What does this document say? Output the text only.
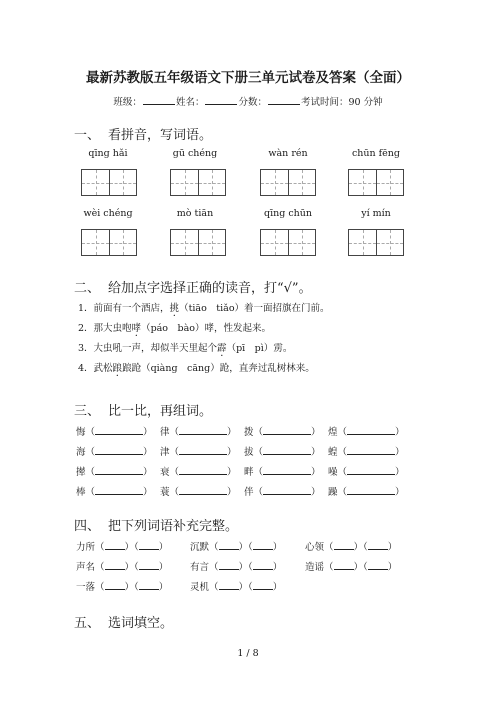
最新苏教版五年级语文下册三单元试卷及答案（全面）
班级：	姓名：	分数：	考试时间：90 分钟
一、 看拼音，写词语。
qīng hǎi	gū chéng	wàn rén	chūn fēng
wèi chéng	mò tiān	qīng chūn	yí mín
二、 给加点字选择正确的读音，打“√”。
1．前面有一个酒店，挑（tiāo　tiǎo）着一面招旗在门前。
2．那大虫咆哮（páo　bào）哮，性发起来。
3．大虫吼一声，却似半天里起个霹（pī　pì）雳。
4．武松踉踉跄（qiàng　cāng）跄，直奔过乱树林来。
三、 比一比，再组词。
悔（	） 律（	） 拨（	） 煌（	）
海（	） 津（	） 拔（	） 蝗（	）
撵（	） 衰（	） 畔（	） 噪（	）
棒（	） 蓑（	） 伴（	） 躁（	）
四、 把下列词语补充完整。
力所（ ）（ ） 沉默（ ）（ ） 心领（ ）（ ）
声名（ ）（ ） 有言（ ）（ ） 造谣（ ）（ ）
一落（ ）（ ） 灵机（ ）（ ）
五、 选词填空。
1 / 8
